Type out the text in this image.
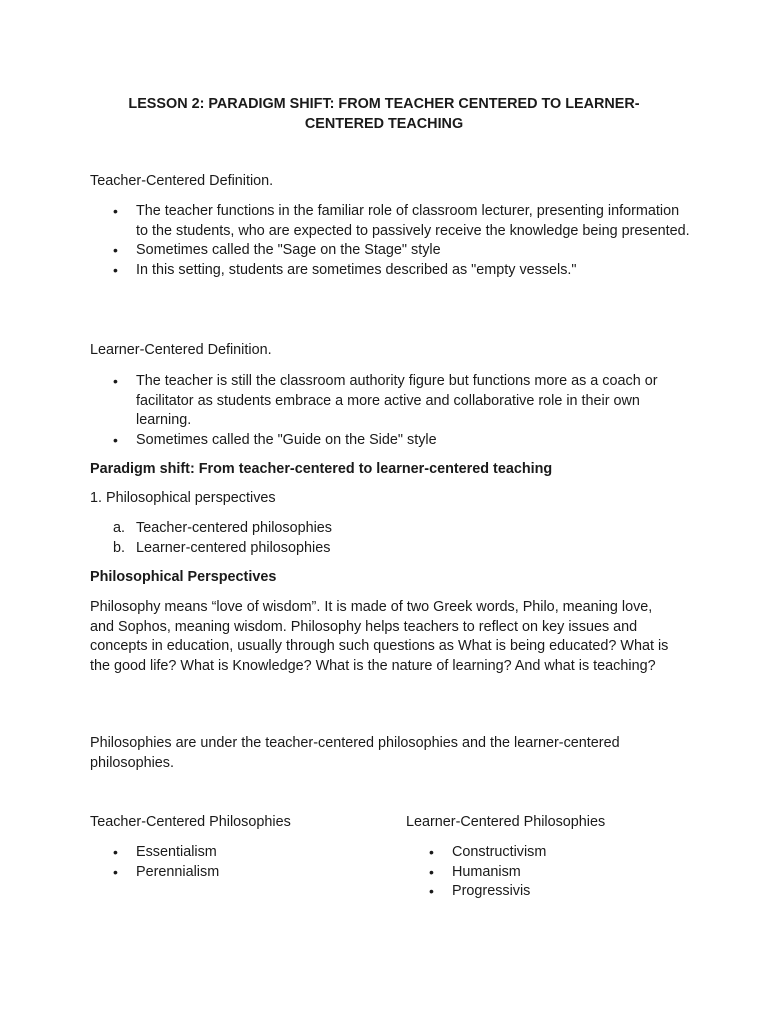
LESSON 2: PARADIGM SHIFT: FROM TEACHER CENTERED TO LEARNER-
CENTERED TEACHING

Teacher-Centered Definition.

• The teacher functions in the familiar role of classroom lecturer, presenting information to the students, who are expected to passively receive the knowledge being presented.
• Sometimes called the "Sage on the Stage" style
• In this setting, students are sometimes described as "empty vessels."

Learner-Centered Definition.

• The teacher is still the classroom authority figure but functions more as a coach or facilitator as students embrace a more active and collaborative role in their own learning.
• Sometimes called the "Guide on the Side" style

Paradigm shift: From teacher-centered to learner-centered teaching

1. Philosophical perspectives

a. Teacher-centered philosophies
b. Learner-centered philosophies

Philosophical Perspectives

Philosophy means “love of wisdom”. It is made of two Greek words, Philo, meaning love, and Sophos, meaning wisdom. Philosophy helps teachers to reflect on key issues and concepts in education, usually through such questions as What is being educated? What is the good life? What is Knowledge? What is the nature of learning? And what is teaching?

Philosophies are under the teacher-centered philosophies and the learner-centered philosophies.

Teacher-Centered Philosophies

• Essentialism
• Perennialism

Learner-Centered Philosophies

• Constructivism
• Humanism
• Progressivis
